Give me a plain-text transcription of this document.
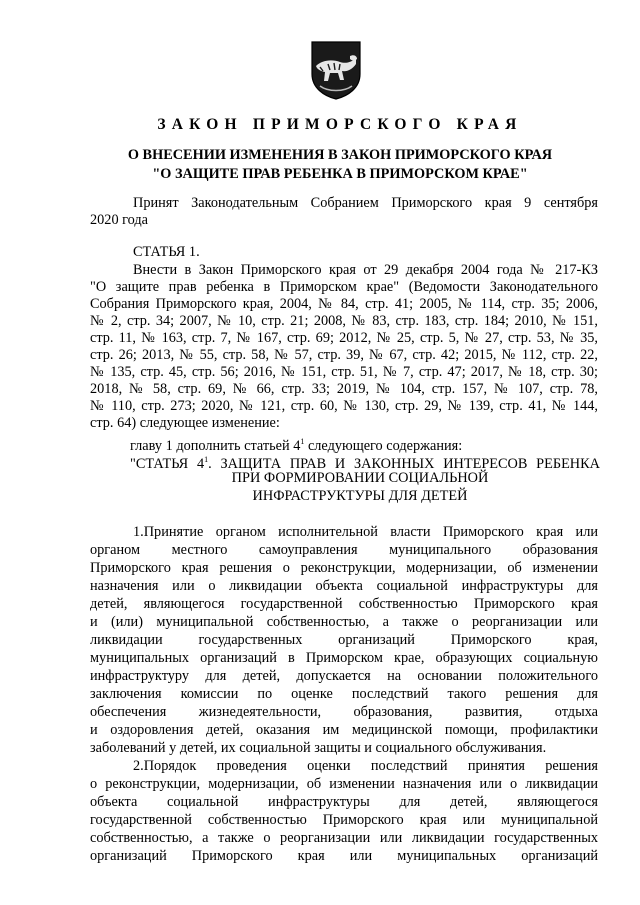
ЗАКОН ПРИМОРСКОГО КРАЯ
О ВНЕСЕНИИ ИЗМЕНЕНИЯ В ЗАКОН ПРИМОРСКОГО КРАЯ
"О ЗАЩИТЕ ПРАВ РЕБЕНКА В ПРИМОРСКОМ КРАЕ"
Принят Законодательным Собранием Приморского края 9 сентября
2020 года
СТАТЬЯ 1.
Внести в Закон Приморского края от 29 декабря 2004 года № 217-КЗ
"О защите прав ребенка в Приморском крае" (Ведомости Законодательного
Собрания Приморского края, 2004, № 84, стр. 41; 2005, № 114, стр. 35; 2006,
№ 2, стр. 34; 2007, № 10, стр. 21; 2008, № 83, стр. 183, стр. 184; 2010, № 151,
стр. 11, № 163, стр. 7, № 167, стр. 69; 2012, № 25, стр. 5, № 27, стр. 53, № 35,
стр. 26; 2013, № 55, стр. 58, № 57, стр. 39, № 67, стр. 42; 2015, № 112, стр. 22,
№ 135, стр. 45, стр. 56; 2016, № 151, стр. 51, № 7, стр. 47; 2017, № 18, стр. 30;
2018, № 58, стр. 69, № 66, стр. 33; 2019, № 104, стр. 157, № 107, стр. 78,
№ 110, стр. 273; 2020, № 121, стр. 60, № 130, стр. 29, № 139, стр. 41, № 144,
стр. 64) следующее изменение:
главу 1 дополнить статьей $4^1$ следующего содержания:
"СТАТЬЯ $4^1$. ЗАЩИТА ПРАВ И ЗАКОННЫХ ИНТЕРЕСОВ РЕБЕНКА
ПРИ ФОРМИРОВАНИИ СОЦИАЛЬНОЙ
ИНФРАСТРУКТУРЫ ДЛЯ ДЕТЕЙ
1.Принятие органом исполнительной власти Приморского края или
органом местного самоуправления муниципального образования
Приморского края решения о реконструкции, модернизации, об изменении
назначения или о ликвидации объекта социальной инфраструктуры для
детей, являющегося государственной собственностью Приморского края
и (или) муниципальной собственностью, а также о реорганизации или
ликвидации государственных организаций Приморского края,
муниципальных организаций в Приморском крае, образующих социальную
инфраструктуру для детей, допускается на основании положительного
заключения комиссии по оценке последствий такого решения для
обеспечения жизнедеятельности, образования, развития, отдыха
и оздоровления детей, оказания им медицинской помощи, профилактики
заболеваний у детей, их социальной защиты и социального обслуживания.
2.Порядок проведения оценки последствий принятия решения
о реконструкции, модернизации, об изменении назначения или о ликвидации
объекта социальной инфраструктуры для детей, являющегося
государственной собственностью Приморского края или муниципальной
собственностью, а также о реорганизации или ликвидации государственных
организаций Приморского края или муниципальных организаций
